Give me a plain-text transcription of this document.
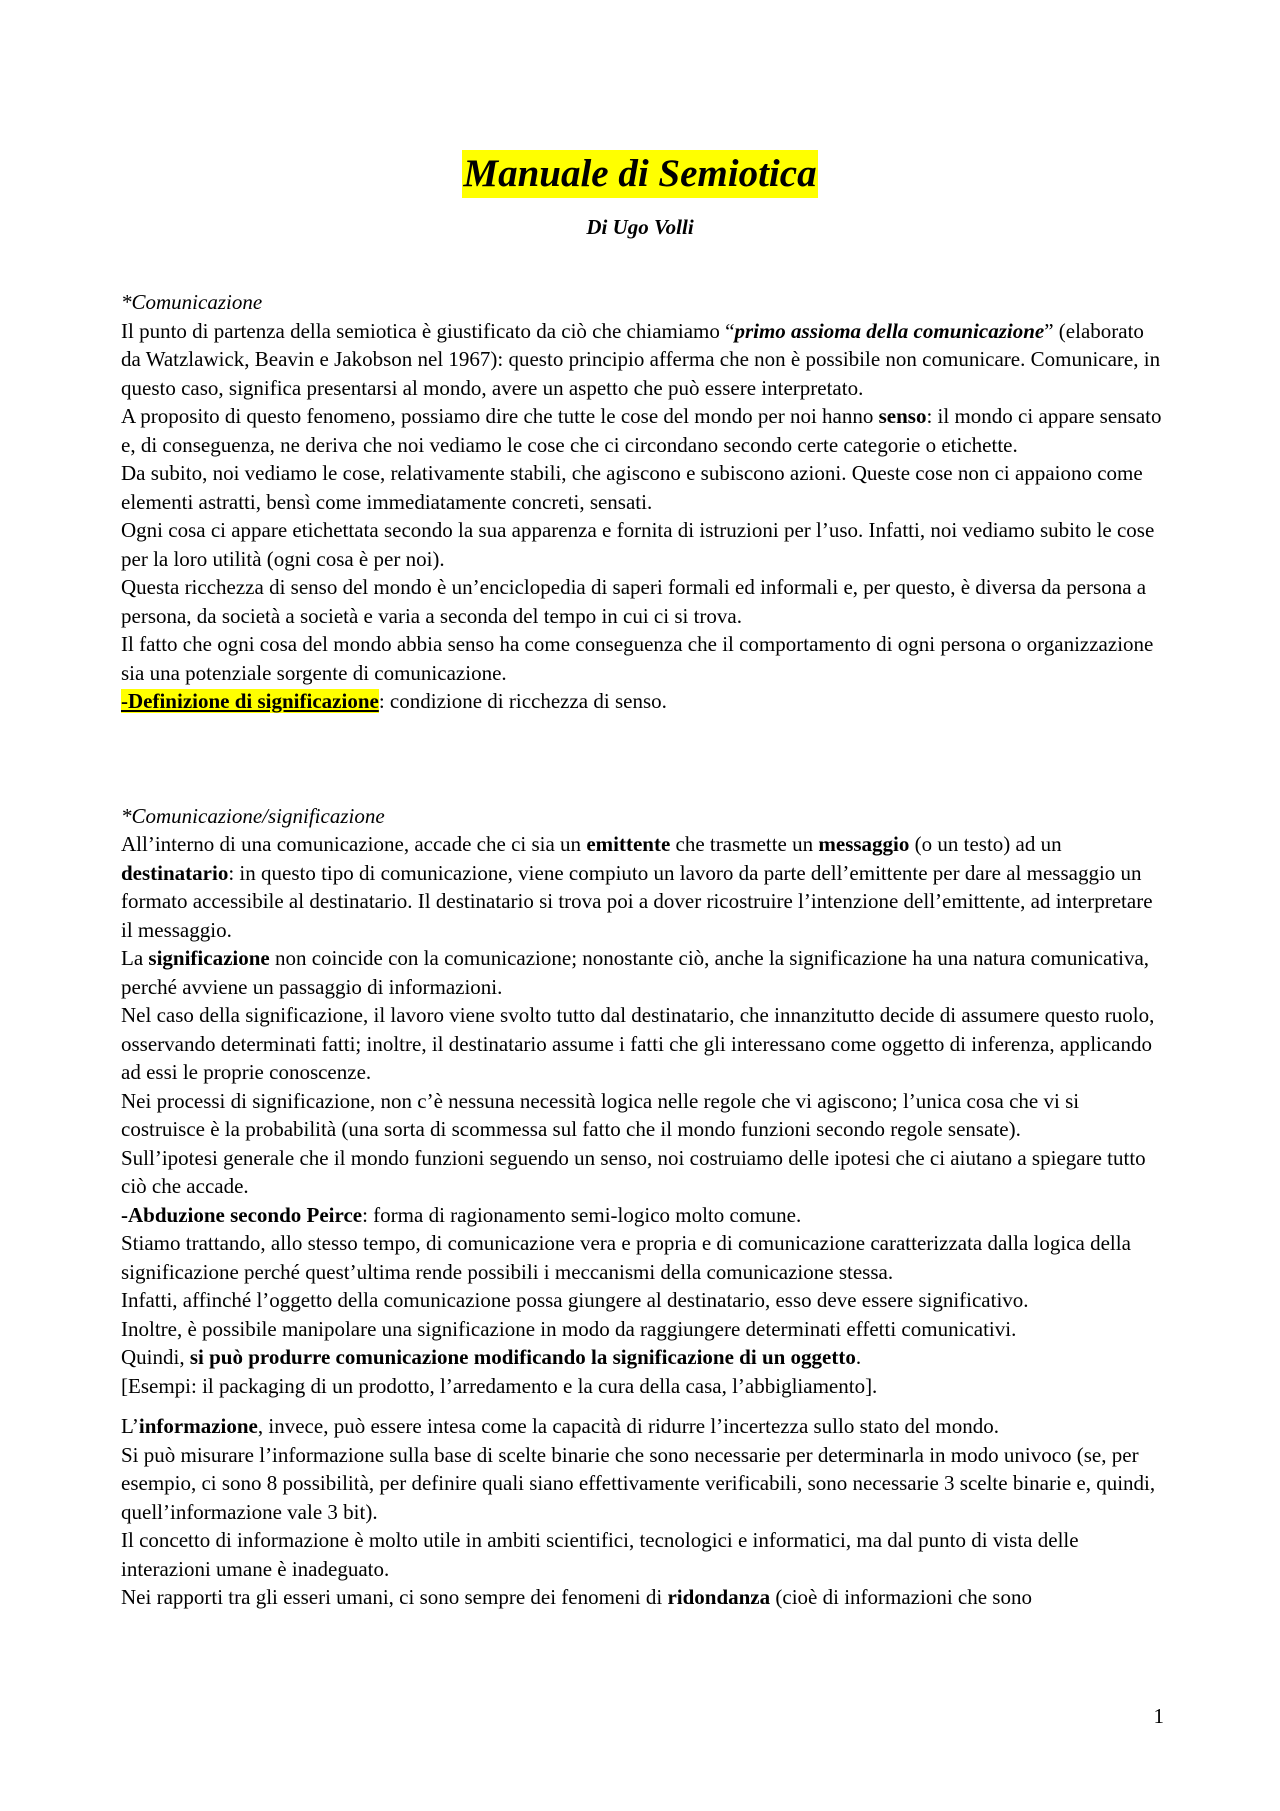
Manuale di Semiotica
Di Ugo Volli

*Comunicazione

Il punto di partenza della semiotica è giustificato da ciò che chiamiamo “primo assioma della comunicazione” (elaborato da Watzlawick, Beavin e Jakobson nel 1967): questo principio afferma che non è possibile non comunicare. Comunicare, in questo caso, significa presentarsi al mondo, avere un aspetto che può essere interpretato.

A proposito di questo fenomeno, possiamo dire che tutte le cose del mondo per noi hanno senso: il mondo ci appare sensato e, di conseguenza, ne deriva che noi vediamo le cose che ci circondano secondo certe categorie o etichette.

Da subito, noi vediamo le cose, relativamente stabili, che agiscono e subiscono azioni. Queste cose non ci appaiono come elementi astratti, bensì come immediatamente concreti, sensati.

Ogni cosa ci appare etichettata secondo la sua apparenza e fornita di istruzioni per l’uso. Infatti, noi vediamo subito le cose per la loro utilità (ogni cosa è per noi).

Questa ricchezza di senso del mondo è un’enciclopedia di saperi formali ed informali e, per questo, è diversa da persona a persona, da società a società e varia a seconda del tempo in cui ci si trova.

Il fatto che ogni cosa del mondo abbia senso ha come conseguenza che il comportamento di ogni persona o organizzazione sia una potenziale sorgente di comunicazione.

-Definizione di significazione: condizione di ricchezza di senso.

*Comunicazione/significazione

All’interno di una comunicazione, accade che ci sia un emittente che trasmette un messaggio (o un testo) ad un destinatario: in questo tipo di comunicazione, viene compiuto un lavoro da parte dell’emittente per dare al messaggio un formato accessibile al destinatario. Il destinatario si trova poi a dover ricostruire l’intenzione dell’emittente, ad interpretare il messaggio.

La significazione non coincide con la comunicazione; nonostante ciò, anche la significazione ha una natura comunicativa, perché avviene un passaggio di informazioni.

Nel caso della significazione, il lavoro viene svolto tutto dal destinatario, che innanzitutto decide di assumere questo ruolo, osservando determinati fatti; inoltre, il destinatario assume i fatti che gli interessano come oggetto di inferenza, applicando ad essi le proprie conoscenze.

Nei processi di significazione, non c’è nessuna necessità logica nelle regole che vi agiscono; l’unica cosa che vi si costruisce è la probabilità (una sorta di scommessa sul fatto che il mondo funzioni secondo regole sensate).

Sull’ipotesi generale che il mondo funzioni seguendo un senso, noi costruiamo delle ipotesi che ci aiutano a spiegare tutto ciò che accade.

-Abduzione secondo Peirce: forma di ragionamento semi-logico molto comune.

Stiamo trattando, allo stesso tempo, di comunicazione vera e propria e di comunicazione caratterizzata dalla logica della significazione perché quest’ultima rende possibili i meccanismi della comunicazione stessa.

Infatti, affinché l’oggetto della comunicazione possa giungere al destinatario, esso deve essere significativo.

Inoltre, è possibile manipolare una significazione in modo da raggiungere determinati effetti comunicativi.

Quindi, si può produrre comunicazione modificando la significazione di un oggetto.

[Esempi: il packaging di un prodotto, l’arredamento e la cura della casa, l’abbigliamento].

L’informazione, invece, può essere intesa come la capacità di ridurre l’incertezza sullo stato del mondo.

Si può misurare l’informazione sulla base di scelte binarie che sono necessarie per determinarla in modo univoco (se, per esempio, ci sono 8 possibilità, per definire quali siano effettivamente verificabili, sono necessarie 3 scelte binarie e, quindi, quell’informazione vale 3 bit).

Il concetto di informazione è molto utile in ambiti scientifici, tecnologici e informatici, ma dal punto di vista delle interazioni umane è inadeguato.

Nei rapporti tra gli esseri umani, ci sono sempre dei fenomeni di ridondanza (cioè di informazioni che sono

1
